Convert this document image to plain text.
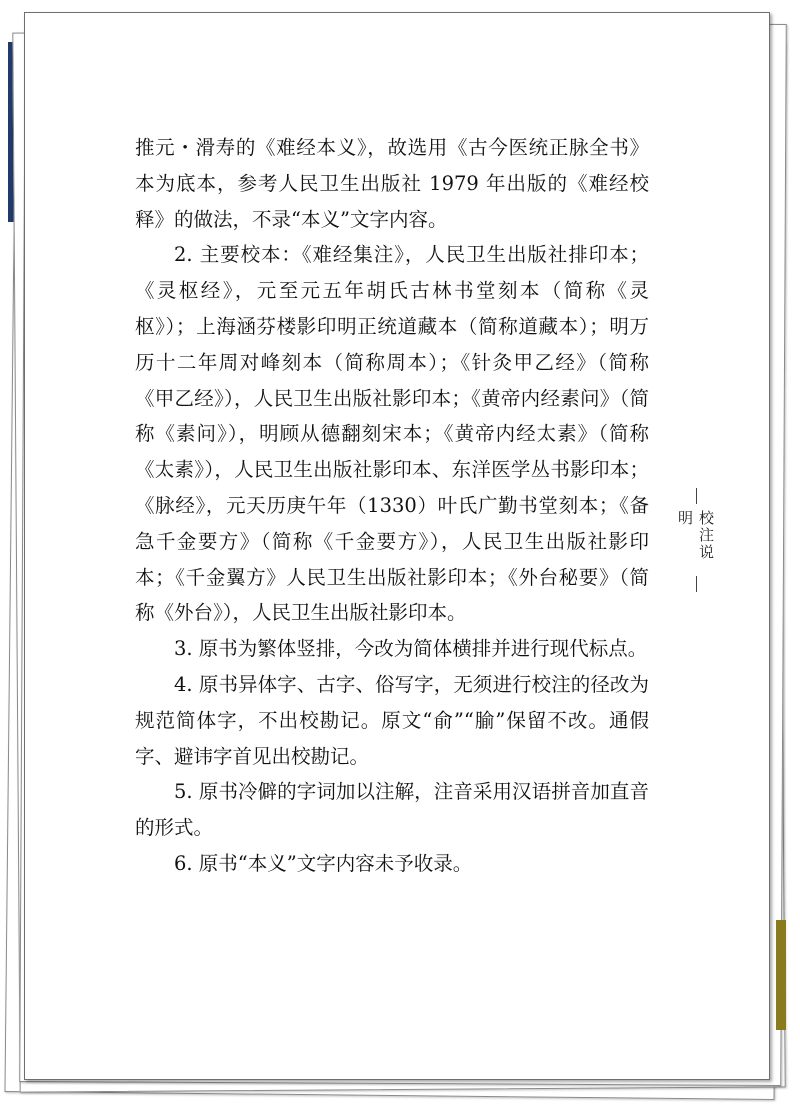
推元・滑寿的《难经本义》，故选用《古今医统正脉全书》本为底本，参考人民卫生出版社 1979 年出版的《难经校释》的做法，不录“本义”文字内容。

2. 主要校本：《难经集注》，人民卫生出版社排印本；《灵枢经》，元至元五年胡氏古林书堂刻本（简称《灵枢》）；上海涵芬楼影印明正统道藏本（简称道藏本）；明万历十二年周对峰刻本（简称周本）；《针灸甲乙经》（简称《甲乙经》），人民卫生出版社影印本；《黄帝内经素问》（简称《素问》），明顾从德翻刻宋本；《黄帝内经太素》（简称《太素》），人民卫生出版社影印本、东洋医学丛书影印本；《脉经》，元天历庚午年（1330）叶氏广勤书堂刻本；《备急千金要方》（简称《千金要方》），人民卫生出版社影印本；《千金翼方》人民卫生出版社影印本；《外台秘要》（简称《外台》），人民卫生出版社影印本。

3. 原书为繁体竖排，今改为简体横排并进行现代标点。

4. 原书异体字、古字、俗写字，无须进行校注的径改为规范简体字，不出校勘记。原文“俞”“腧”保留不改。通假字、避讳字首见出校勘记。

5. 原书冷僻的字词加以注解，注音采用汉语拼音加直音的形式。

6. 原书“本义”文字内容未予收录。

校注说明
